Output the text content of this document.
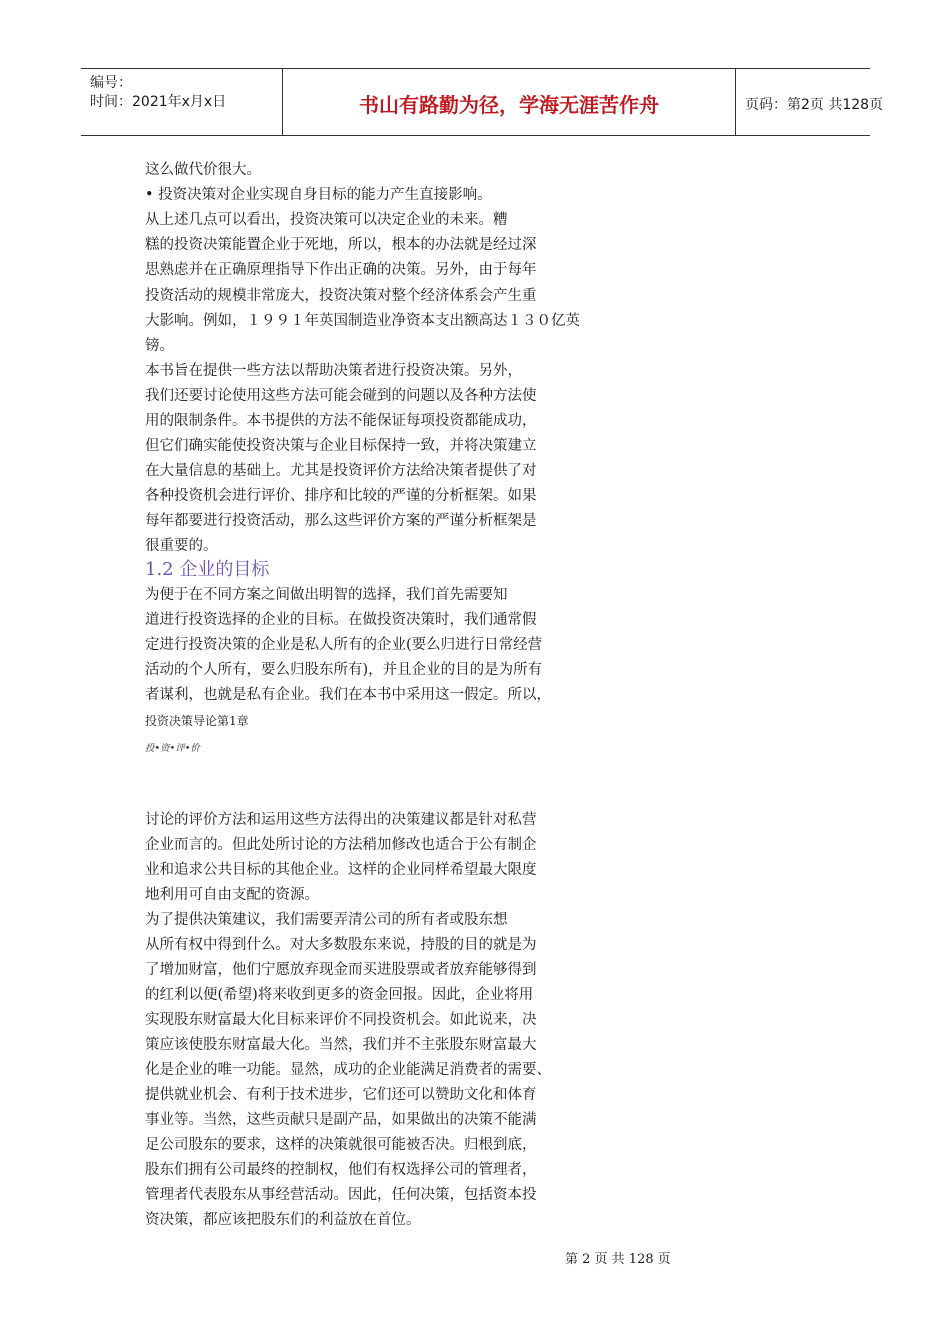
编号：
时间：2021年x月x日	书山有路勤为径，学海无涯苦作舟	页码：第2页 共128页
这么做代价很大。
• 投资决策对企业实现自身目标的能力产生直接影响。
从上述几点可以看出，投资决策可以决定企业的未来。糟
糕的投资决策能置企业于死地，所以，根本的办法就是经过深
思熟虑并在正确原理指导下作出正确的决策。另外，由于每年
投资活动的规模非常庞大，投资决策对整个经济体系会产生重
大影响。例如，１９９１年英国制造业净资本支出额高达１３０亿英
镑。
本书旨在提供一些方法以帮助决策者进行投资决策。另外，
我们还要讨论使用这些方法可能会碰到的问题以及各种方法使
用的限制条件。本书提供的方法不能保证每项投资都能成功，
但它们确实能使投资决策与企业目标保持一致，并将决策建立
在大量信息的基础上。尤其是投资评价方法给决策者提供了对
各种投资机会进行评价、排序和比较的严谨的分析框架。如果
每年都要进行投资活动，那么这些评价方案的严谨分析框架是
很重要的。
1.2 企业的目标
为便于在不同方案之间做出明智的选择，我们首先需要知
道进行投资选择的企业的目标。在做投资决策时，我们通常假
定进行投资决策的企业是私人所有的企业(要么归进行日常经营
活动的个人所有，要么归股东所有)，并且企业的目的是为所有
者谋利，也就是私有企业。我们在本书中采用这一假定。所以，
投资决策导论第1章
投•资•评•价
讨论的评价方法和运用这些方法得出的决策建议都是针对私营
企业而言的。但此处所讨论的方法稍加修改也适合于公有制企
业和追求公共目标的其他企业。这样的企业同样希望最大限度
地利用可自由支配的资源。
为了提供决策建议，我们需要弄清公司的所有者或股东想
从所有权中得到什么。对大多数股东来说，持股的目的就是为
了增加财富，他们宁愿放弃现金而买进股票或者放弃能够得到
的红利以便(希望)将来收到更多的资金回报。因此，企业将用
实现股东财富最大化目标来评价不同投资机会。如此说来，决
策应该使股东财富最大化。当然，我们并不主张股东财富最大
化是企业的唯一功能。显然，成功的企业能满足消费者的需要、
提供就业机会、有利于技术进步，它们还可以赞助文化和体育
事业等。当然，这些贡献只是副产品，如果做出的决策不能满
足公司股东的要求，这样的决策就很可能被否决。归根到底，
股东们拥有公司最终的控制权，他们有权选择公司的管理者，
管理者代表股东从事经营活动。因此，任何决策，包括资本投
资决策，都应该把股东们的利益放在首位。
第 2 页 共 128 页
